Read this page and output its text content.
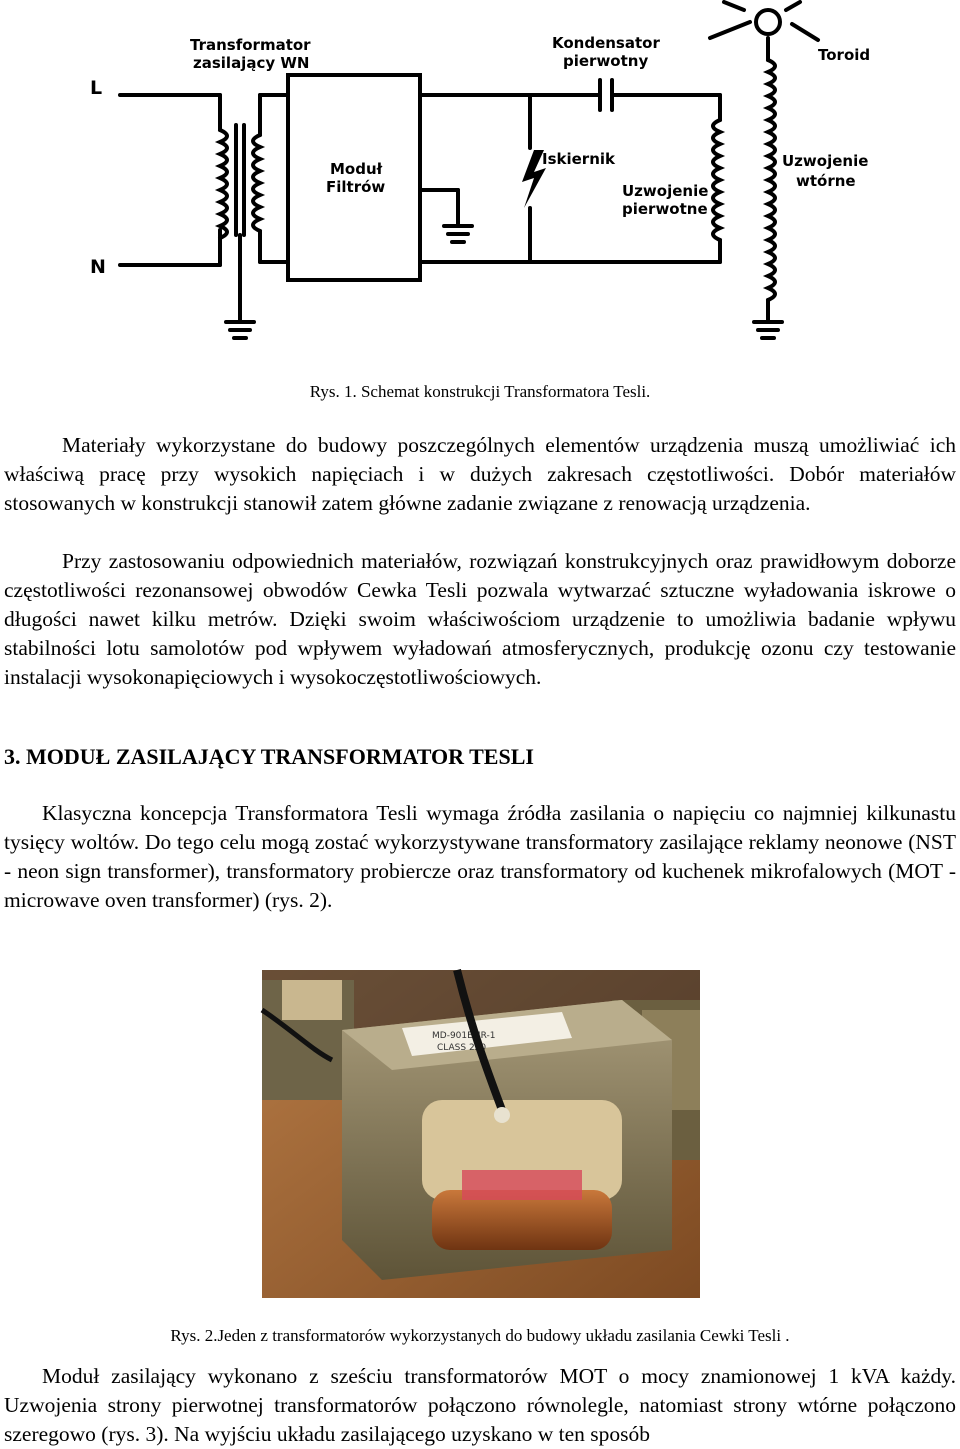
Transformator
zasilający WN
Kondensator
pierwotny	Toroid
L
N
Moduł
Filtrów
Iskiernik	Uzwojenie
wtórne
Uzwojenie
pierwotne
Rys. 1. Schemat konstrukcji Transformatora Tesli.

Materiały wykorzystane do budowy poszczególnych elementów urządzenia muszą umożliwiać ich właściwą pracę przy wysokich napięciach i w dużych zakresach częstotliwości. Dobór materiałów stosowanych w konstrukcji stanowił zatem główne zadanie związane z renowacją urządzenia.

Przy zastosowaniu odpowiednich materiałów, rozwiązań konstrukcyjnych oraz prawidłowym doborze częstotliwości rezonansowej obwodów Cewka Tesli pozwala wytwarzać sztuczne wyładowania iskrowe o długości nawet kilku metrów. Dzięki swoim właściwościom urządzenie to umożliwia badanie wpływu stabilności lotu samolotów pod wpływem wyładowań atmosferycznych, produkcję ozonu czy testowanie instalacji wysokonapięciowych i wysokoczęstotliwościowych.

3. MODUŁ ZASILAJĄCY TRANSFORMATOR TESLI

Klasyczna koncepcja Transformatora Tesli wymaga źródła zasilania o napięciu co najmniej kilkunastu tysięcy woltów. Do tego celu mogą zostać wykorzystywane transformatory zasilające reklamy neonowe (NST - neon sign transformer), transformatory probiercze oraz transformatory od kuchenek mikrofalowych (MOT - microwave oven transformer) (rys. 2).

MD-901EMR-1
CLASS 220
Rys. 2.Jeden z transformatorów wykorzystanych do budowy układu zasilania Cewki Tesli .

Moduł zasilający wykonano z sześciu transformatorów MOT o mocy znamionowej 1 kVA każdy. Uzwojenia strony pierwotnej transformatorów połączono równolegle, natomiast strony wtórne połączono szeregowo (rys. 3). Na wyjściu układu zasilającego uzyskano w ten sposób
